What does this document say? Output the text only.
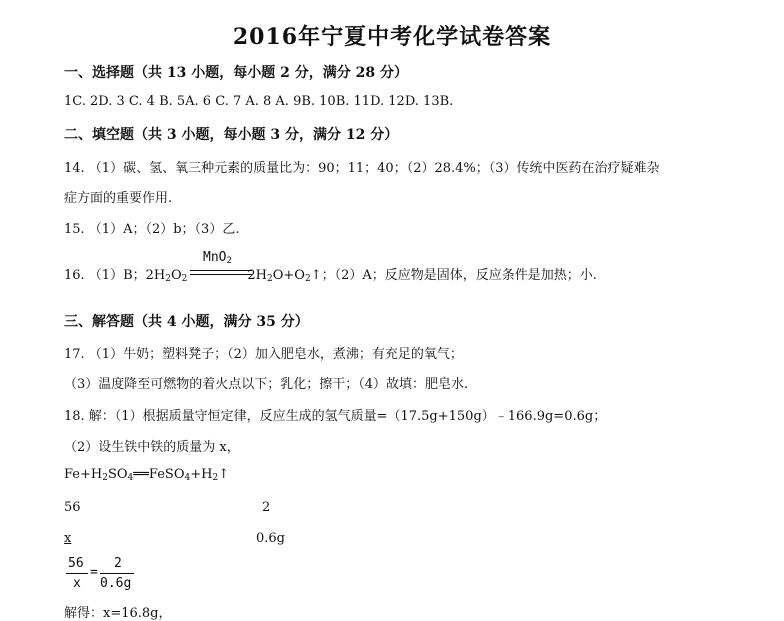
2016年宁夏中考化学试卷答案
一、选择题（共 13 小题，每小题 2 分，满分 28 分）
1C. 2D. 3 C. 4 B. 5A. 6 C. 7 A. 8 A. 9B. 10B. 11D. 12D. 13B.
二、填空题（共 3 小题，每小题 3 分，满分 12 分）
14. （1）碳、氢、氧三种元素的质量比为：90；11；40；（2）28.4%；（3）传统中医药在治疗疑难杂
症方面的重要作用.
15. （1）A；（2）b；（3）乙.
16. （1）B；$2H_2O_2$	$2H_2O+O_2↑$；（2）A；反应物是固体，反应条件是加热；小.
MnO$_2$
三、解答题（共 4 小题，满分 35 分）
17. （1）牛奶；塑料凳子；（2）加入肥皂水，煮沸；有充足的氧气；
（3）温度降至可燃物的着火点以下；乳化；擦干；（4）故填：肥皂水.
18. 解：（1）根据质量守恒定律，反应生成的氢气质量=（17.5g+150g）﹣166.9g=0.6g；
（2）设生铁中铁的质量为 x，
$Fe+H_2SO_4══FeSO_4+H_2↑$
56	2
x	0.6g
56
x
=
2
0.6g
解得：x=16.8g，
